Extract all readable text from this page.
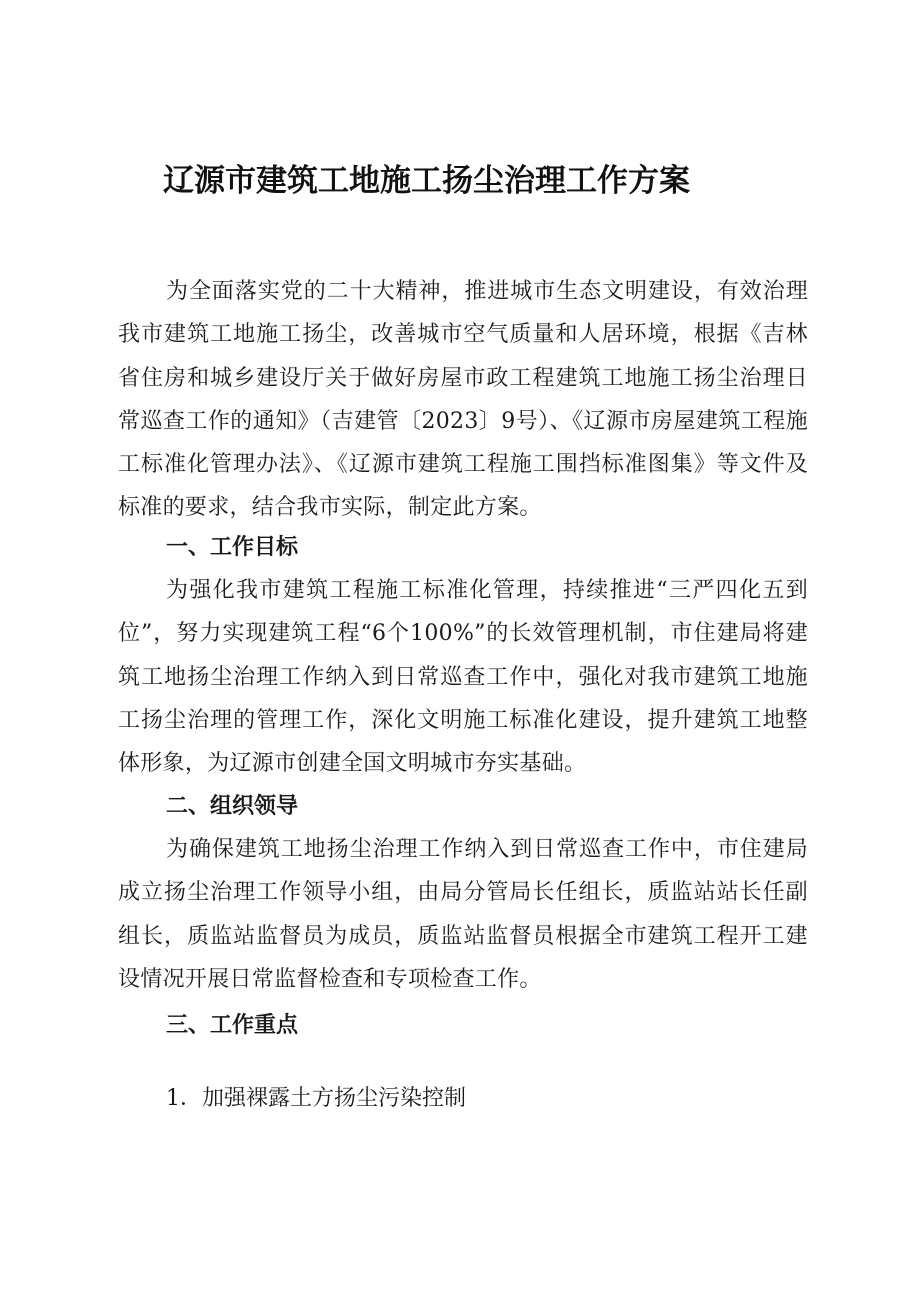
辽源市建筑工地施工扬尘治理工作方案
为全面落实党的二十大精神，推进城市生态文明建设，有效治理我市建筑工地施工扬尘，改善城市空气质量和人居环境，根据《吉林省住房和城乡建设厅关于做好房屋市政工程建筑工地施工扬尘治理日常巡查工作的通知》（吉建管〔2023〕9号）、《辽源市房屋建筑工程施工标准化管理办法》、《辽源市建筑工程施工围挡标准图集》等文件及标准的要求，结合我市实际，制定此方案。
一、工作目标
为强化我市建筑工程施工标准化管理，持续推进“三严四化五到位”，努力实现建筑工程“6个100%”的长效管理机制，市住建局将建筑工地扬尘治理工作纳入到日常巡查工作中，强化对我市建筑工地施工扬尘治理的管理工作，深化文明施工标准化建设，提升建筑工地整体形象，为辽源市创建全国文明城市夯实基础。
二、组织领导
为确保建筑工地扬尘治理工作纳入到日常巡查工作中，市住建局成立扬尘治理工作领导小组，由局分管局长任组长，质监站站长任副组长，质监站监督员为成员，质监站监督员根据全市建筑工程开工建设情况开展日常监督检查和专项检查工作。
三、工作重点
1．加强裸露土方扬尘污染控制
